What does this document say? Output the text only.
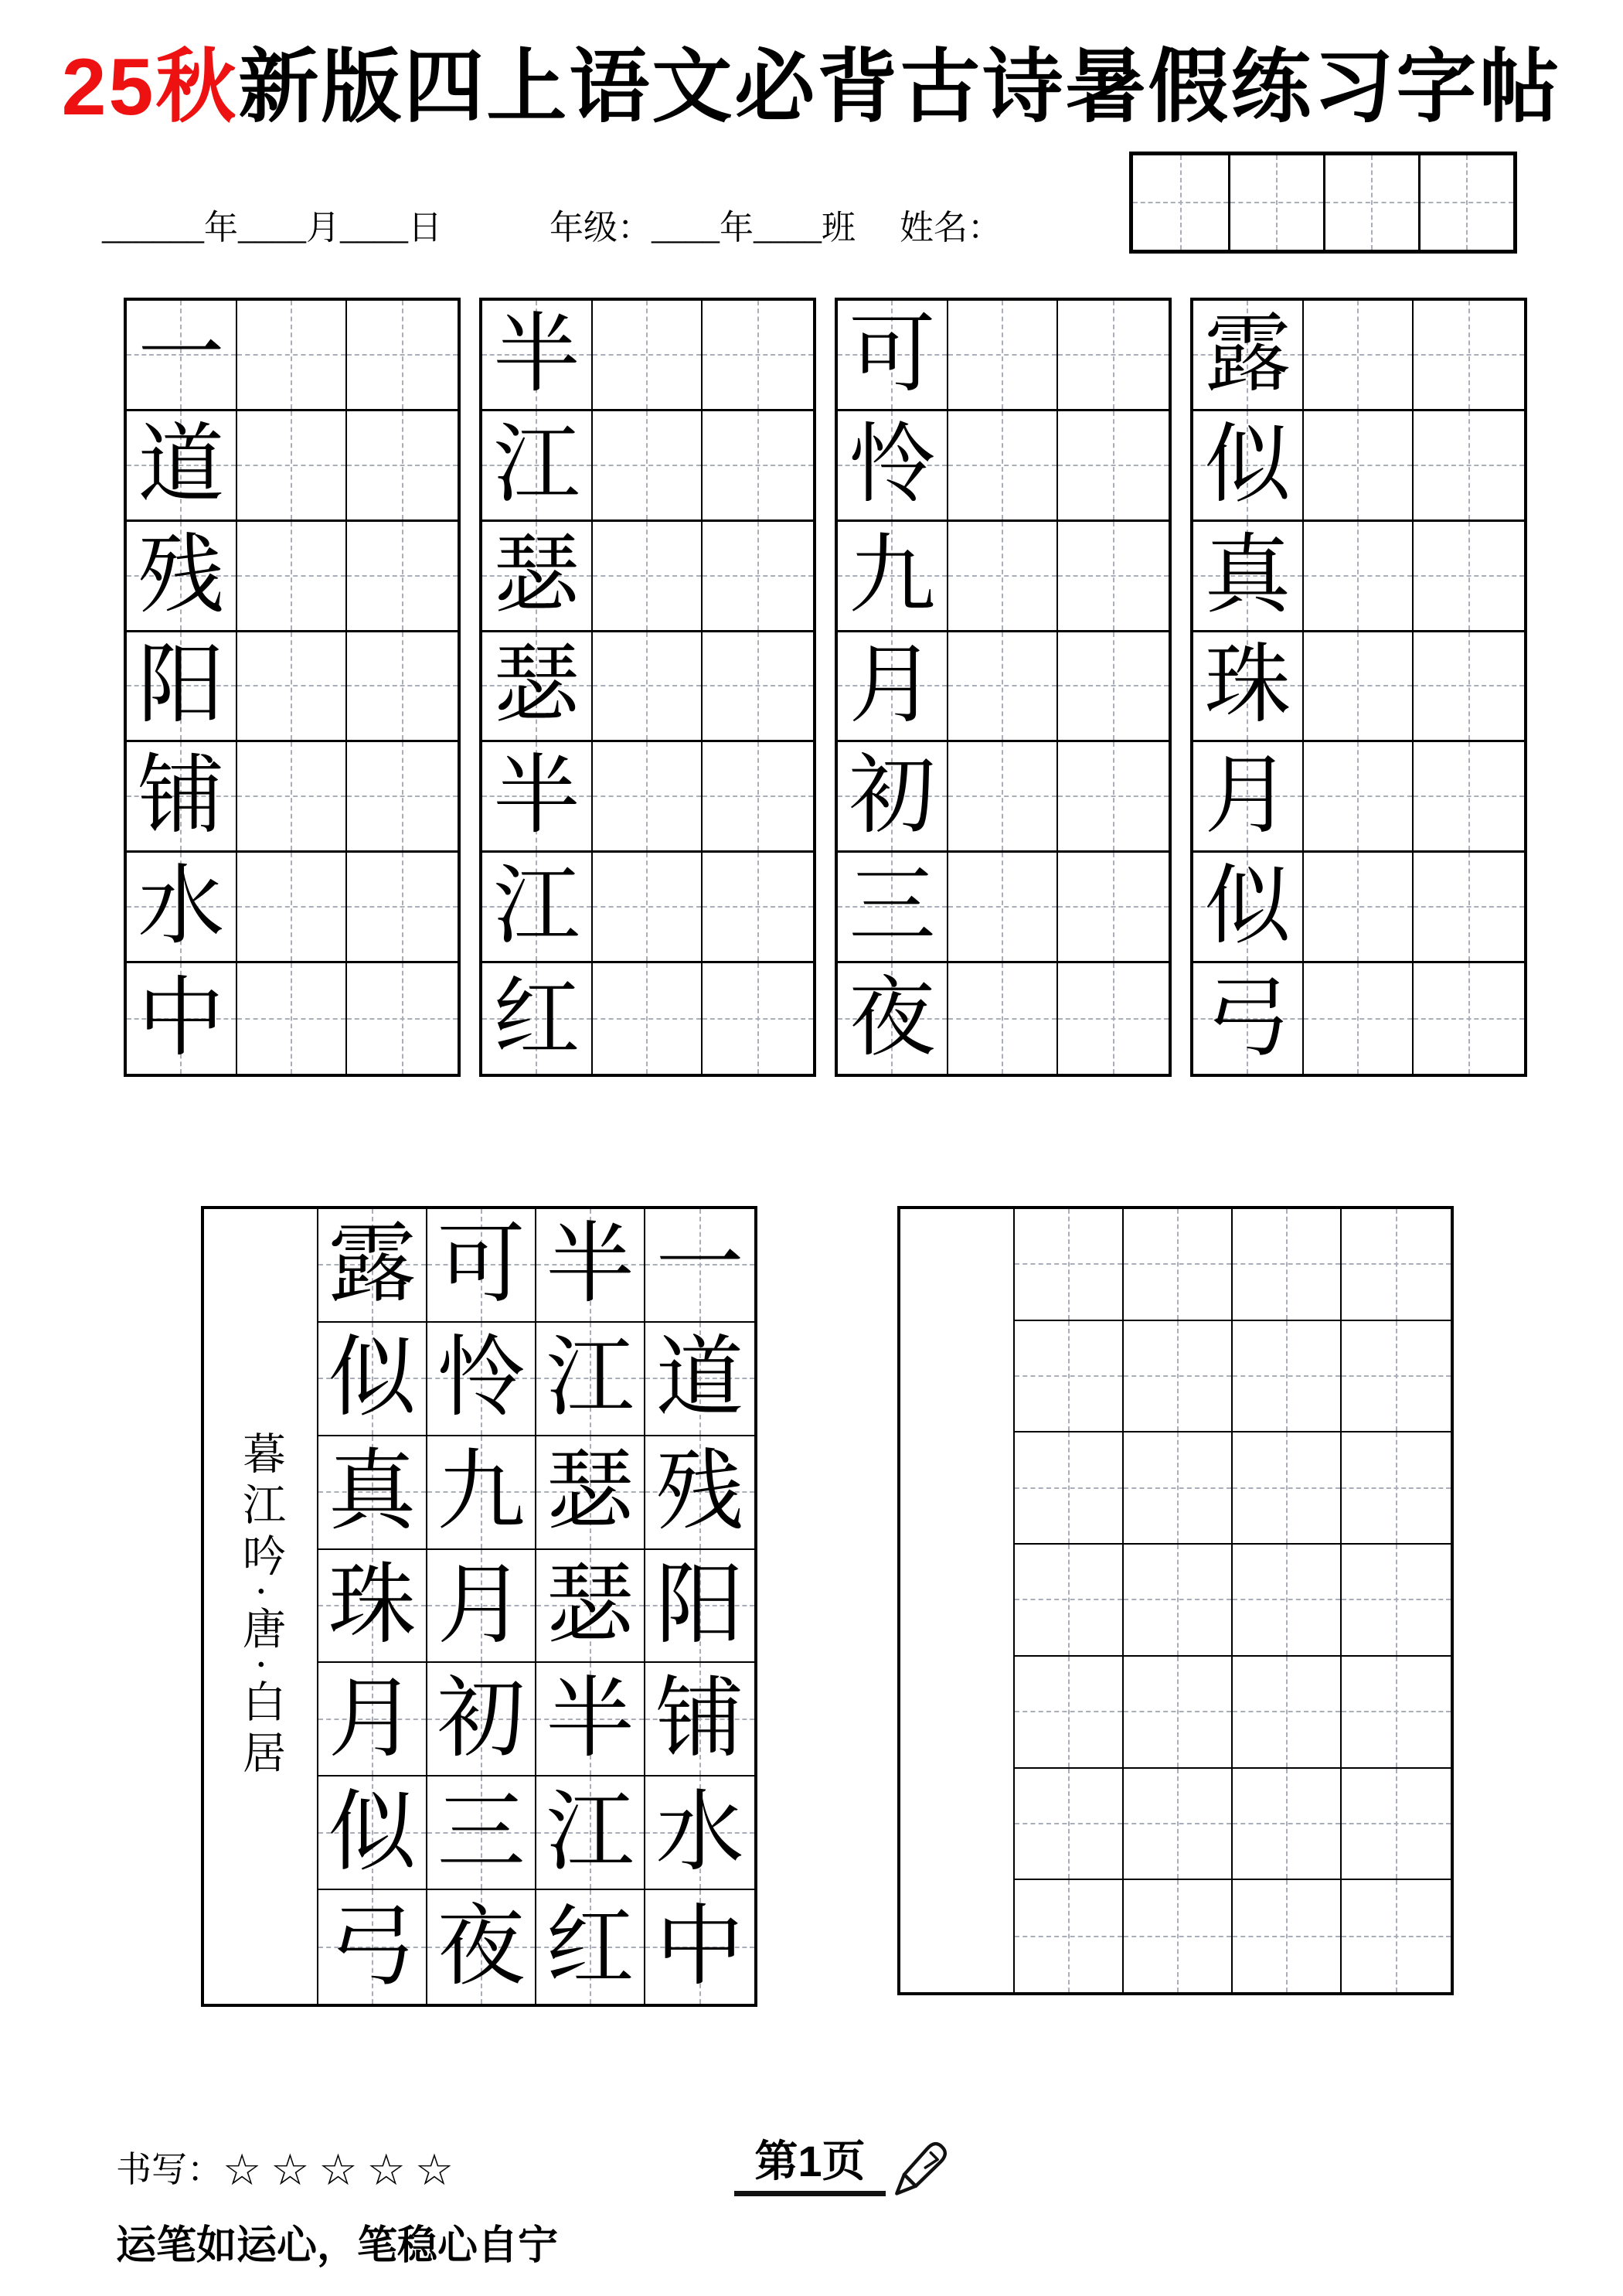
25秋新版四上语文必背古诗暑假练习字帖
______年____月____日	年级：____年____班 姓名：
一
道
残
阳
铺
水
中
半
江
瑟
瑟
半
江
红
可
怜
九
月
初
三
夜
露
似
真
珠
月
似
弓
暮江吟·唐·白居
露 可 半 一
似 怜 江 道
真 九 瑟 残
珠 月 瑟 阳
月 初 半 铺
似 三 江 水
弓 夜 红 中
书写：☆☆☆☆☆	第1页
运笔如运心，笔稳心自宁
